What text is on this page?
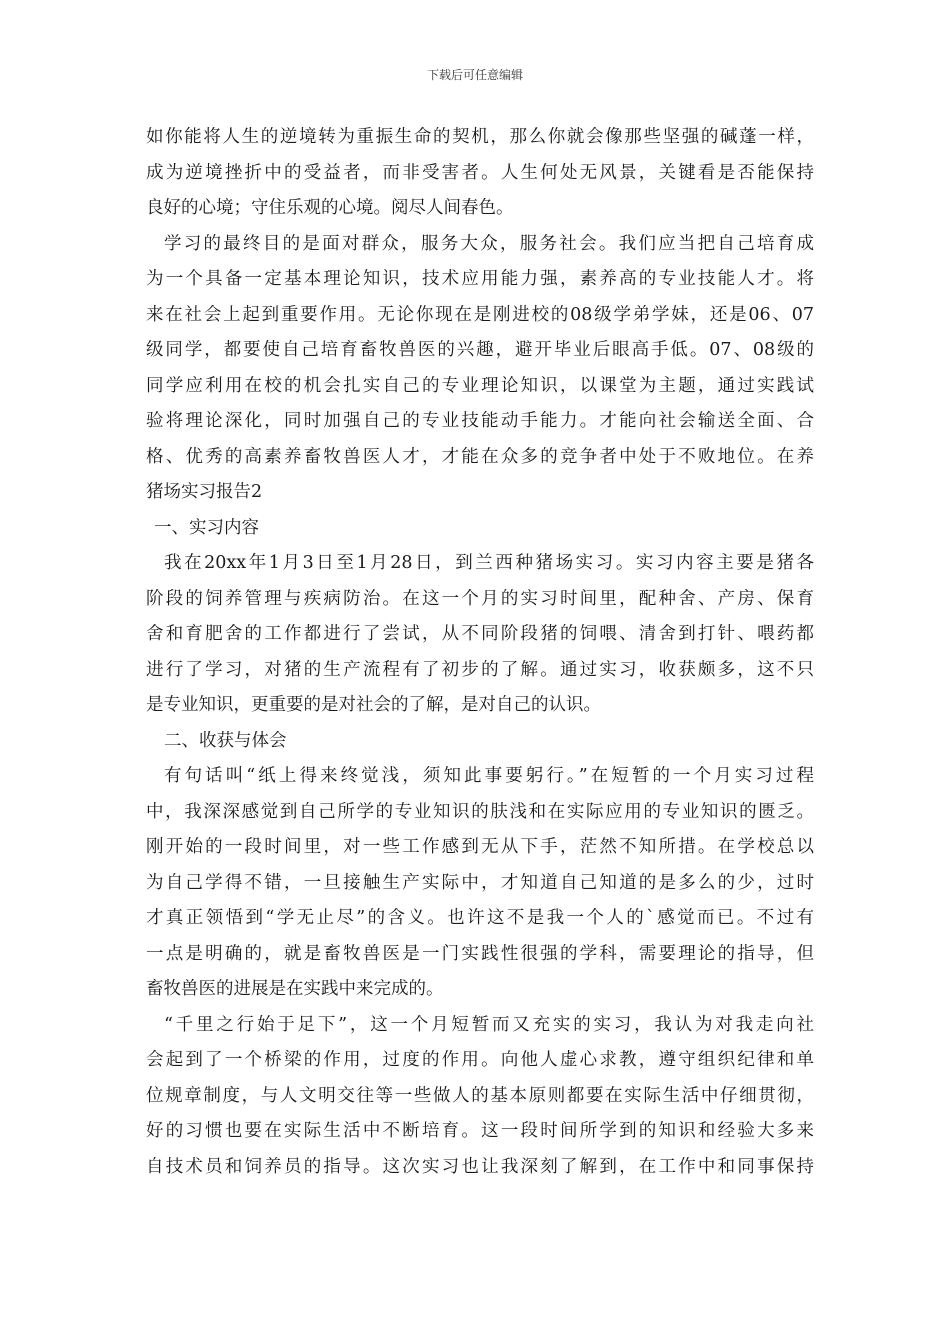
下载后可任意编辑
如你能将人生的逆境转为重振生命的契机，那么你就会像那些坚强的碱蓬一样，
成为逆境挫折中的受益者，而非受害者。人生何处无风景，关键看是否能保持
良好的心境；守住乐观的心境。阅尽人间春色。
学习的最终目的是面对群众，服务大众，服务社会。我们应当把自己培育成
为一个具备一定基本理论知识，技术应用能力强，素养高的专业技能人才。将
来在社会上起到重要作用。无论你现在是刚进校的08级学弟学妹，还是06、07
级同学，都要使自己培育畜牧兽医的兴趣，避开毕业后眼高手低。07、08级的
同学应利用在校的机会扎实自己的专业理论知识，以课堂为主题，通过实践试
验将理论深化，同时加强自己的专业技能动手能力。才能向社会输送全面、合
格、优秀的高素养畜牧兽医人才，才能在众多的竞争者中处于不败地位。在养
猪场实习报告2
一、实习内容
我在20xx年1月3日至1月28日，到兰西种猪场实习。实习内容主要是猪各
阶段的饲养管理与疾病防治。在这一个月的实习时间里，配种舍、产房、保育
舍和育肥舍的工作都进行了尝试，从不同阶段猪的饲喂、清舍到打针、喂药都
进行了学习，对猪的生产流程有了初步的了解。通过实习，收获颇多，这不只
是专业知识，更重要的是对社会的了解，是对自己的认识。
二、收获与体会
有句话叫“纸上得来终觉浅，须知此事要躬行。”在短暂的一个月实习过程
中，我深深感觉到自己所学的专业知识的肤浅和在实际应用的专业知识的匮乏。
刚开始的一段时间里，对一些工作感到无从下手，茫然不知所措。在学校总以
为自己学得不错，一旦接触生产实际中，才知道自己知道的是多么的少，过时
才真正领悟到“学无止尽”的含义。也许这不是我一个人的`感觉而已。不过有
一点是明确的，就是畜牧兽医是一门实践性很强的学科，需要理论的指导，但
畜牧兽医的进展是在实践中来完成的。
“千里之行始于足下”，这一个月短暂而又充实的实习，我认为对我走向社
会起到了一个桥梁的作用，过度的作用。向他人虚心求教，遵守组织纪律和单
位规章制度，与人文明交往等一些做人的基本原则都要在实际生活中仔细贯彻，
好的习惯也要在实际生活中不断培育。这一段时间所学到的知识和经验大多来
自技术员和饲养员的指导。这次实习也让我深刻了解到，在工作中和同事保持
